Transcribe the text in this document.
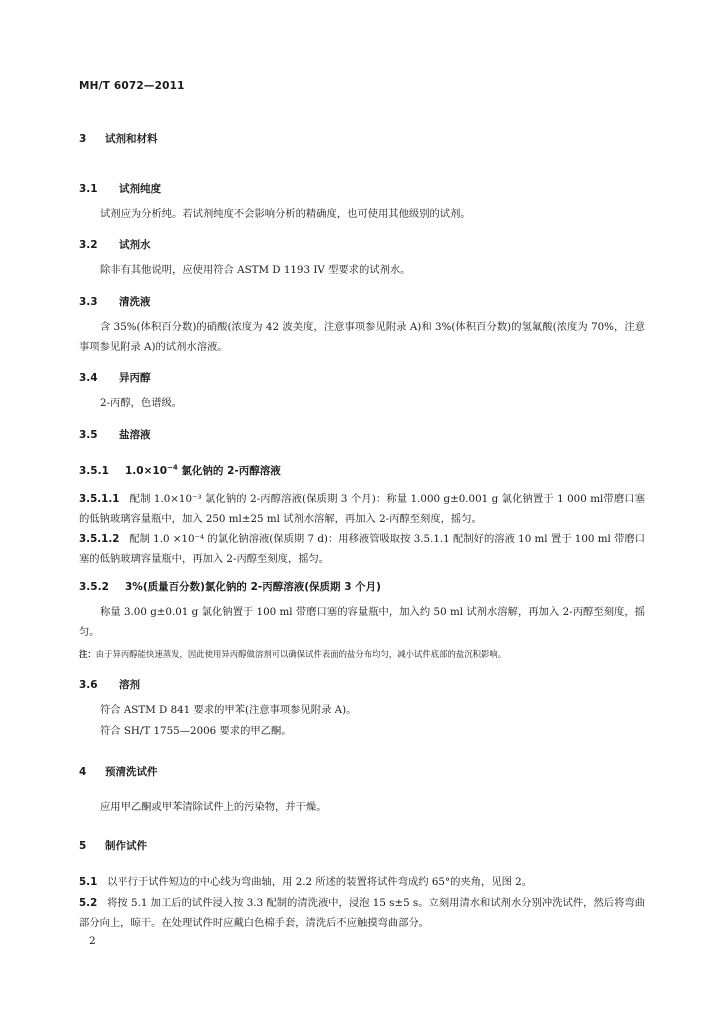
MH/T 6072—2011
3 试剂和材料
3.1 试剂纯度
试剂应为分析纯。若试剂纯度不会影响分析的精确度，也可使用其他级别的试剂。
3.2 试剂水
除非有其他说明，应使用符合 ASTM D 1193 IV 型要求的试剂水。
3.3 清洗液
含 35%(体积百分数)的硝酸(浓度为 42 波美度，注意事项参见附录 A)和 3%(体积百分数)的氢氟酸(浓度为 70%，注意事项参见附录 A)的试剂水溶液。
3.4 异丙醇
2-丙醇，色谱级。
3.5 盐溶液
3.5.1 $1.0\times 10^{-4}$ 氯化钠的 2-丙醇溶液
3.5.1.1 配制 1.0×10⁻³ 氯化钠的 2-丙醇溶液(保质期 3 个月)：称量 1.000 g±0.001 g 氯化钠置于 1 000 ml带磨口塞的低钠玻璃容量瓶中，加入 250 ml±25 ml 试剂水溶解，再加入 2-丙醇至刻度，摇匀。
3.5.1.2 配制 1.0 ×10⁻⁴ 的氯化钠溶液(保质期 7 d)：用移液管吸取按 3.5.1.1 配制好的溶液 10 ml 置于 100 ml 带磨口塞的低钠玻璃容量瓶中，再加入 2-丙醇至刻度，摇匀。
3.5.2 3%(质量百分数)氯化钠的 2-丙醇溶液(保质期 3 个月)
称量 3.00 g±0.01 g 氯化钠置于 100 ml 带磨口塞的容量瓶中，加入约 50 ml 试剂水溶解，再加入 2-丙醇至刻度，摇匀。
注：由于异丙醇能快速蒸发，因此使用异丙醇做溶剂可以确保试件表面的盐分布均匀，减小试件底部的盐沉积影响。
3.6 溶剂
符合 ASTM D 841 要求的甲苯(注意事项参见附录 A)。
符合 SH/T 1755—2006 要求的甲乙酮。
4 预清洗试件
应用甲乙酮或甲苯清除试件上的污染物，并干燥。
5 制作试件
5.1 以平行于试件短边的中心线为弯曲轴，用 2.2 所述的装置将试件弯成约 65°的夹角，见图 2。
5.2 将按 5.1 加工后的试件浸入按 3.3 配制的清洗液中，浸泡 15 s±5 s。立刻用清水和试剂水分别冲洗试件，然后将弯曲部分向上，晾干。在处理试件时应戴白色棉手套，清洗后不应触摸弯曲部分。
2
